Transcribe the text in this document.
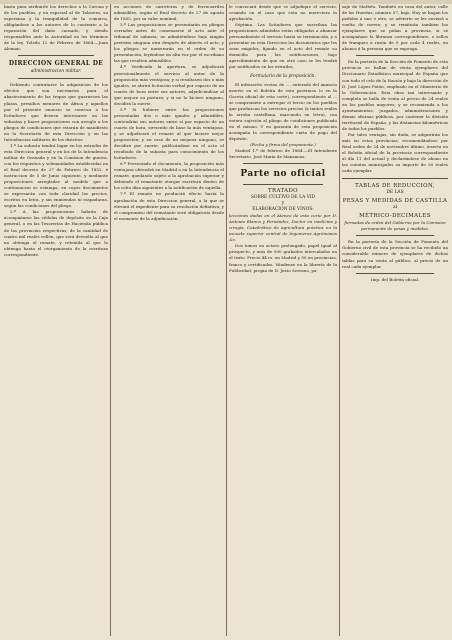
basta para atribuirle los derechos a la Corona y de los pueblos, y en especial al de Talavera, su esperanza y la tranquilidad de la comarca, obligándose a los autores de lo contrario a la reparación del daño causado, y siendo responsables ante la Autoridad en los términos de la ley. Toledo 12 de Febrero de 1864.—Juan Aleman.

DIRECCION GENERAL DE
administracion militar.

Debiendo contratarse la adquisicion de los efectos que son necesarios para el abastecimiento de las tropas que guarnecen las plazas, presidios menores de África y aquellos por el presente anuncio se convoca a los lícitadores que deseen interesarse en las subastas y hacer proposiciones con arreglo a los pliegos de condiciones que estarán de manifiesto en la Secretaría de esta Dirección y en las Intendencias militares de los distritos.

1.ª La subasta tendrá lugar en los estrados de esta Direccion general y en los de la Intendencia militar de Granada y en la Comision de guerra, con los requisitos y solemnidades establecidas en el Real decreto de 27 de Febrero de 1852, é instruccion de 5 de Junio siguiente, y mediante proposiciones arregladas al modelo que a continuacion se estampa, en cuyos documentos se expresarán con toda claridad los precios, escritos en letra, y sin enmiendas ni raspaduras, según las condiciones del pliego.

2.ª A las proposiciones habrán de acompañarse las cédulas de depósito en la Caja general, o en las Tesorerías de Hacienda pública de las provincias respectivas, de la cantidad de cuatro mil reales vellón, que será devuelta al que no obtenga el remate, y retenida al que lo obtenga hasta el otorgamiento de la escritura correspondiente.

en acciones de carreteras y de ferrocarriles admisibles, según el Real decreto de 27 de agosto de 1855, por su valor nominal.

3.ª Las proposiciones se presentarán en pliegos cerrados antes de comenzarse el acto ante el tribunal de subasta; no admitiéndose bajo ningún pretexto ninguna otra después de abierto el acto; y los pliegos se numerarán en el orden de su presentación, leyéndose en alta voz por el escribano las que resulten admisibles.

4.ª Verificada la apertura, se adjudicará provisionalmente el servicio al autor de la proposición más ventajosa; y si resultasen dos o más iguales, se abrirá licitación verbal por espacio de un cuarto de hora entre sus autores, adjudicándose al que mejore su postura; y si no lo hiciere ninguno, decidirá la suerte.

5.ª Si hubiere entre las proposiciones presentadas dos o más iguales y admisibles, contendrán sus autores entre sí por espacio de un cuarto de hora, sirviendo de base la más ventajosa, y se adjudicará el remate al que hiciere mejor proposición; y en caso de no mejorar ninguno, se decidirá por suerte, publicándose en el acto el resultado de la subasta para conocimiento de los licitadores.

6.ª Presentado el documento, la proposición más ventajosa obtendrá en Madrid o en la Intendencia el remate, quedando sujeto a la aprobación superior y debiendo el rematante otorgar escritura dentro de los ocho días siguientes a la notificación de aquella.

7.ª El remate no producirá efecto hasta la aprobación de esta Direccion general, a la que se elevará el expediente para su resolución definitiva, y el compromiso del rematante será obligatorio desde el momento de la adjudicación.

le convocará desde que se adjudique el servicio, cesando en el caso que esta no mereciera la aprobación.

Séptima. Las licitadores que suscriban las proposiciones admitidas están obligados a afianzar personalmente el servicio hasta su terminación, y a presentar en esta Direccion los documentos que les sean exigidos, fijando en el acto del remate su domicilio para las notificaciones, bajo apercibimiento de que en otro caso se les tendrá por notificados en los estrados.

Formulario de la proposición.

El infrascrito vecino de ..., enterado del anuncio inserto en el Boletín de esta provincia (o en la Gaceta oficial de esta corte), correspondiente al ... se compromete a entregar el tercio en los pueblos que produzcan los servicios precios (á tantos reales la arroba castellana, marcando en letra), con entera sujeción al pliego de condiciones publicado en el mismo. Y en garantía de esta proposición acompaña la correspondiente carta de pago del depósito.

(Fecha y firma del proponente.)

Madrid 1.º de febrero de 1864.—El Intendente Secretario, José María de Manzanos.

Parte no oficial
TRATADO
SOBRE CULTIVO DE LA VID
y
ELABORACION DE VINOS:

lecciones dadas en el Ateneo de esta corte por D. Antonio Blanco y Fernández, Doctor en medicina y cirugía, Catedrático de agricultura práctica en la escuela superior central de Ingenieros Agrónomos &c.

Dos tomos en octavo prolongado, papel igual al prospecto, y más de 500 grabados intercalados en el texto. Precio 44 rs. en Madrid y 50 en provincias, franco y certificados. Véndense en la librería de la Publicidad, propia de D. Justo Serrano, pa-

saje de Mathéu. También en casa del autor, calle de los Huertas, número 57, bajo. Hoy se hagan los pedidos á uno ó otro, se advierte se les enviará a vuelta de correo; y se remitirán tambien los ejemplares que se pidan a provincia, si se acompañase la libranza correspondiente, o sellos de franqueo a razón de 9 por cada 4 reales, en abonos á la persona que se exponga.

En la portería de la Sección de Fomento de esta provincia se hallan de venta ejemplares del Diccionario Estadístico municipal de España que con todo el celo de la Nación y bajo la dirección de D. José López Patón, empleado en el Ministerio de la Gobernación. Esta obra tan interesante y completa se halla de venta al precio de 24 reales en los pueblos mayores; y se recomienda a los ayuntamientos, juzgados, administraciones y demás oficinas públicas, por contener la división territorial de España, y las distancias kilométricas de todos los pueblos.

Por tales ventajas, sin duda, se adquirirán los más en estas provincias, recomendándose por Real orden de 24 de noviembre último, inserta en el Boletín oficial de la provincia correspondiente al día 11 del actual y declarándose de abono en las cuentas municipales su importe de 30 reales cada ejemplar.

TABLAS DE REDUCCION,
DE LAS
PESAS Y MEDIDAS DE CASTILLA
al
MÉTRICO-DECIMALES

formadas de orden del Gobierno por la Comision permanente de pesas y medidas.

En la portería de la Sección de Fomento del Gobierno civil de esta provincia se ha recibido un considerable número de ejemplares de dichas tablas para su venta al público, al precio de un real cada ejemplar.

Imp. del Boletín oficial.
